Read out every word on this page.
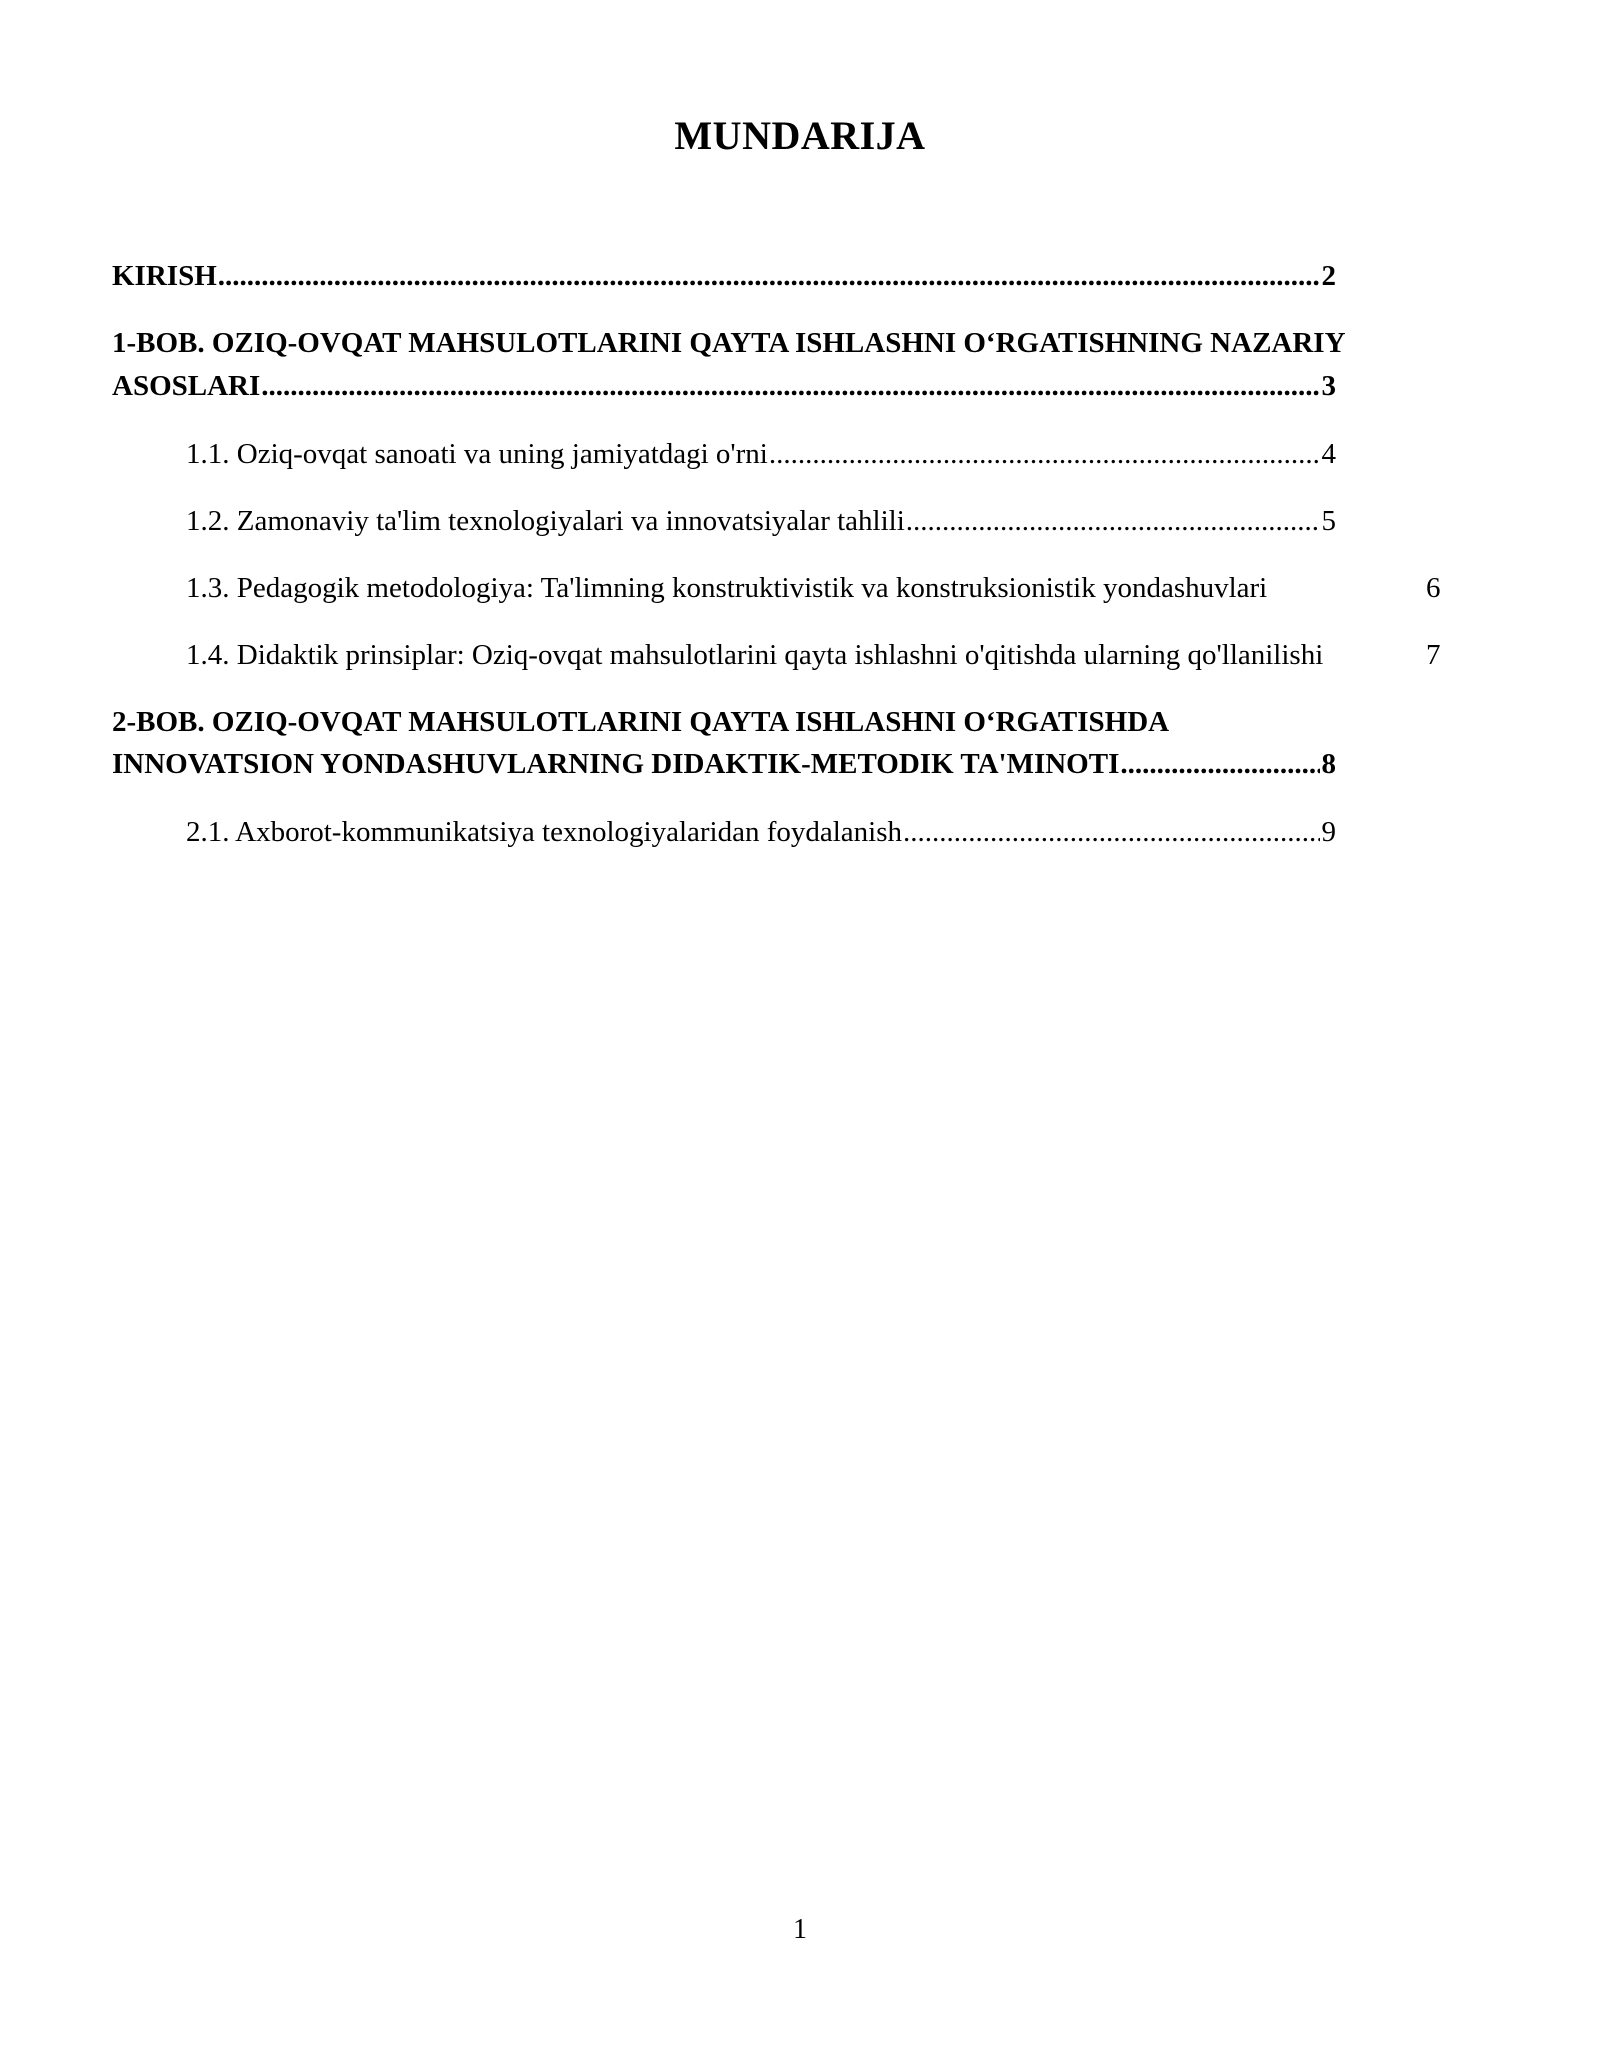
MUNDARIJA
KIRISH .....	2
1-BOB. OZIQ-OVQAT MAHSULOTLARINI QAYTA ISHLASHNI O‘RGATISHNING NAZARIY
ASOSLARI .....	3
1.1. Oziq-ovqat sanoati va uning jamiyatdagi o'rni .....	4
1.2. Zamonaviy ta'lim texnologiyalari va innovatsiyalar tahlili .....	5
1.3. Pedagogik metodologiya: Ta'limning konstruktivistik va konstruksionistik yondashuvlari	6
1.4. Didaktik prinsiplar: Oziq-ovqat mahsulotlarini qayta ishlashni o'qitishda ularning qo'llanilishi	7
2-BOB. OZIQ-OVQAT MAHSULOTLARINI QAYTA ISHLASHNI O‘RGATISHDA
INNOVATSION YONDASHUVLARNING DIDAKTIK-METODIK TA'MINOTI .....	8
2.1. Axborot-kommunikatsiya texnologiyalaridan foydalanish .....	9
1
